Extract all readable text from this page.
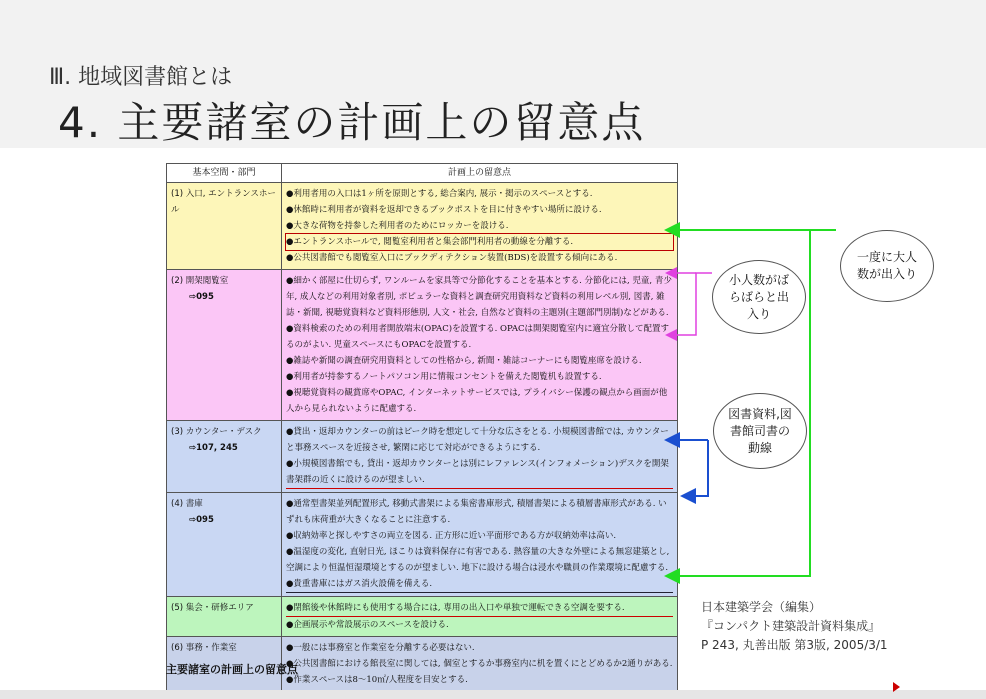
Ⅲ. 地域図書館とは
4. 主要諸室の計画上の留意点
基本空間・部門	計画上の留意点
(1) 入口, エントランスホール	●利用者用の入口は1ヶ所を原則とする, 総合案内, 展示・掲示のスペースとする.
●休館時に利用者が資料を返却できるブックポストを目に付きやすい場所に設ける.
●大きな荷物を持参した利用者のためにロッカーを設ける.
●エントランスホールで, 閲覧室利用者と集会部門利用者の動線を分離する.
●公共図書館でも閲覧室入口にブックディテクション装置(BDS)を設置する傾向にある.

(2) 開架閲覧室
⇨095	●細かく部屋に仕切らず, ワンルームを家具等で分節化することを基本とする. 分節化には, 児童, 青少年, 成人などの利用対象者別, ポピュラーな資料と調査研究用資料など資料の利用レベル別, 図書, 雑誌・新聞, 視聴覚資料など資料形態別, 人文・社会, 自然など資料の主題別(主題部門別制)などがある.
●資料検索のための利用者開放端末(OPAC)を設置する. OPACは開架閲覧室内に適宜分散して配置するのがよい. 児童スペースにもOPACを設置する.
●雑誌や新聞の調査研究用資料としての性格から, 新聞・雑誌コーナーにも閲覧座席を設ける.
●利用者が持参するノートパソコン用に情報コンセントを備えた閲覧机も設置する.
●視聴覚資料の観賞席やOPAC, インターネットサービスでは, プライバシー保護の観点から画面が他人から見られないように配慮する.

(3) カウンター・デスク
⇨107, 245	●貸出・返却カウンターの前はピーク時を想定して十分な広さをとる. 小規模図書館では, カウンターと事務スペースを近接させ, 繁閑に応じて対応ができるようにする.
●小規模図書館でも, 貸出・返却カウンターとは別にレファレンス(インフォメーション)デスクを開架書架群の近くに設けるのが望ましい.

(4) 書庫
⇨095	●通常型書架並列配置形式, 移動式書架による集密書庫形式, 積層書架による積層書庫形式がある. いずれも床荷重が大きくなることに注意する.
●収納効率と探しやすさの両立を図る. 正方形に近い平面形である方が収納効率は高い.
●温湿度の変化, 直射日光, ほこりは資料保存に有害である. 熱容量の大きな外壁による無窓建築とし, 空調により恒温恒湿環境とするのが望ましい. 地下に設ける場合は浸水や職員の作業環境に配慮する.
●貴重書庫にはガス消火設備を備える.

(5) 集会・研修エリア	●閉館後や休館時にも使用する場合には, 専用の出入口や単独で運転できる空調を要する.
●企画展示や常設展示のスペースを設ける.

(6) 事務・作業室	●一般には事務室と作業室を分離する必要はない.
●公共図書館における館長室に関しては, 個室とするか事務室内に机を置くにとどめるか2通りがある.
●作業スペースは8〜10㎡/人程度を目安とする.
主要諸室の計画上の留意点
日本建築学会（編集）
『コンパクト建築設計資料集成』
P 243, 丸善出版 第3版, 2005/3/1
一度に大人数が出入り
小人数がばらばらと出入り
図書資料,図書館司書の動線
